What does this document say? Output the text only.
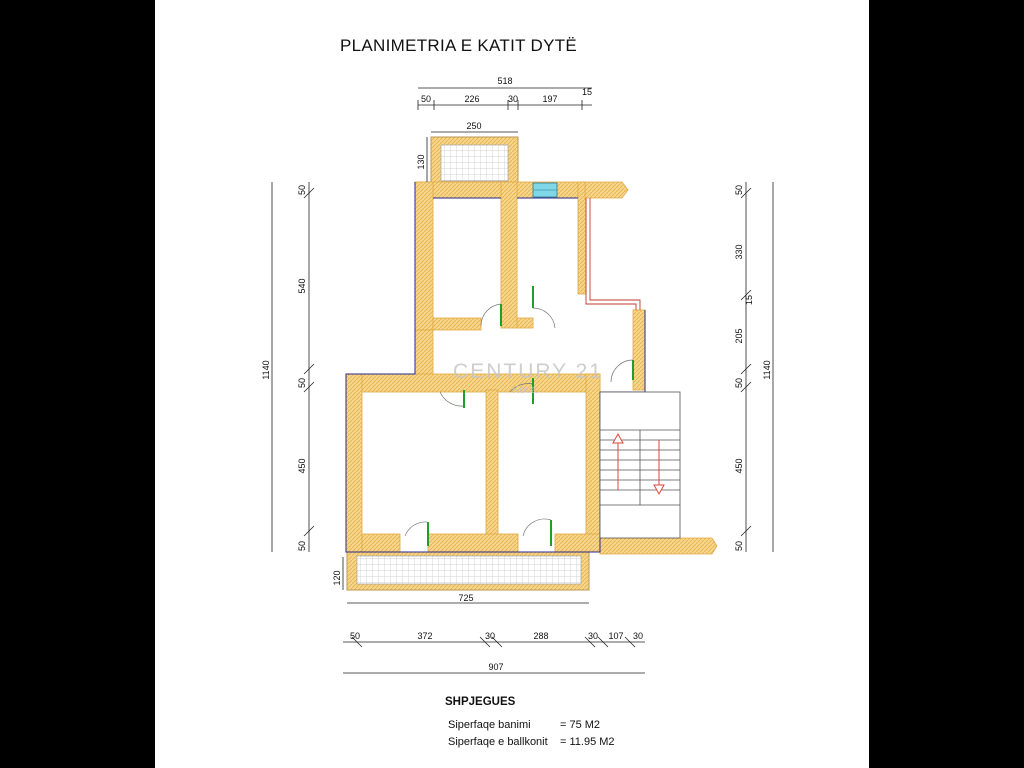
PLANIMETRIA E KATIT DYTË
518
50	226	30	197
15
250
130
1140
50
540
50
450
50
1140
50
330
15
205
50
450
50
120
725
50	372	30	288	30 107 30
907
CENTURY 21
Kova
SHPJEGUES
Siperfaqe banimi	= 75 M2
Siperfaqe e ballkonit = 11.95 M2
